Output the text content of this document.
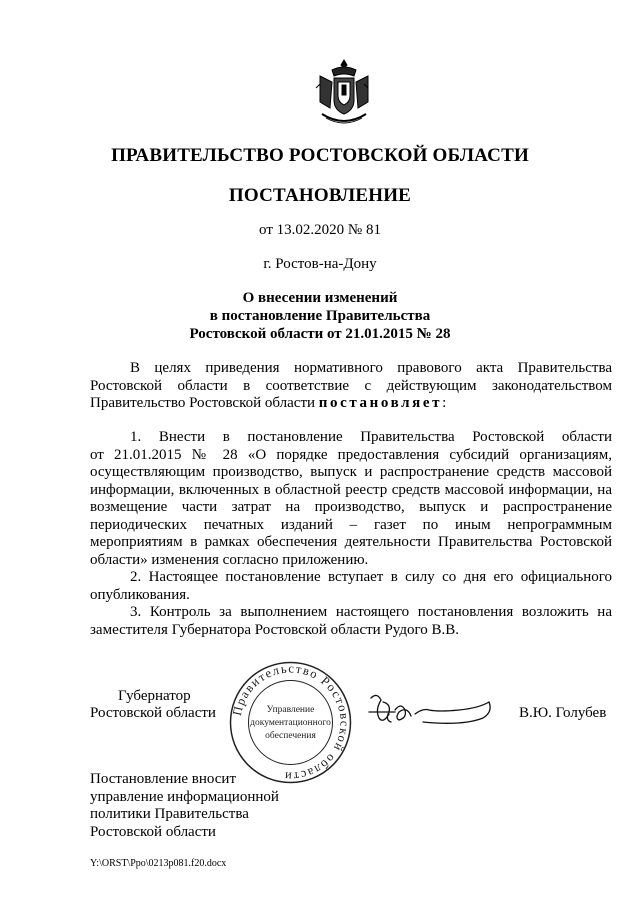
ПРАВИТЕЛЬСТВО РОСТОВСКОЙ ОБЛАСТИ
ПОСТАНОВЛЕНИЕ
от 13.02.2020 № 81
г. Ростов-на-Дону
О внесении изменений
в постановление Правительства
Ростовской области от 21.01.2015 № 28
В целях приведения нормативного правового акта Правительства
Ростовской области в соответствие с действующим законодательством
Правительство Ростовской области постановляет:
1. Внести в постановление Правительства Ростовской области

от 21.01.2015 № 28 «О порядке предоставления субсидий организациям, осуществляющим производство, выпуск и распространение средств массовой информации, включенных в областной реестр средств массовой информации, на возмещение части затрат на производство, выпуск и распространение периодических печатных изданий – газет по иным непрограммным мероприятиям в рамках обеспечения деятельности Правительства Ростовской области» изменения согласно приложению.

2. Настоящее постановление вступает в силу со дня его официального опубликования.

3. Контроль за выполнением настоящего постановления возложить на заместителя Губернатора Ростовской области Рудого В.В.

Губернатор
Ростовской области Правительство Ростовской области
Управление
документационного
обеспечения
В.Ю. Голубев
Постановление вносит
управление информационной
политики Правительства
Ростовской области
Y:\ORST\Ppo\0213p081.f20.docx
